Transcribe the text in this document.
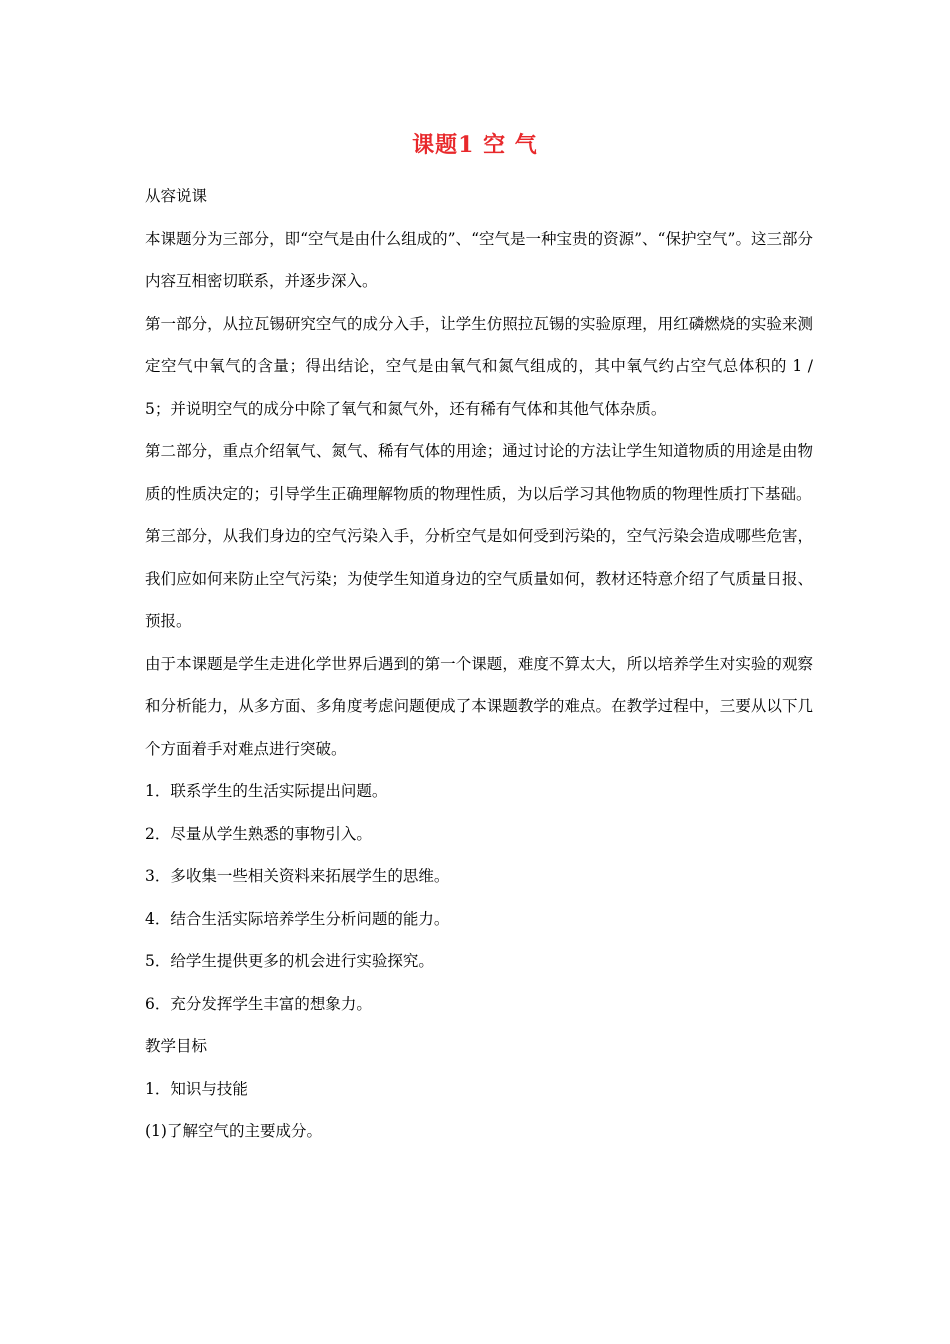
课题1 空 气

从容说课

本课题分为三部分，即“空气是由什么组成的”、“空气是一种宝贵的资源”、“保护空气”。这三部分内容互相密切联系，并逐步深入。

第一部分，从拉瓦锡研究空气的成分入手，让学生仿照拉瓦锡的实验原理，用红磷燃烧的实验来测定空气中氧气的含量；得出结论，空气是由氧气和氮气组成的，其中氧气约占空气总体积的 1 / 5；并说明空气的成分中除了氧气和氮气外，还有稀有气体和其他气体杂质。

第二部分，重点介绍氧气、氮气、稀有气体的用途；通过讨论的方法让学生知道物质的用途是由物质的性质决定的；引导学生正确理解物质的物理性质，为以后学习其他物质的物理性质打下基础。

第三部分，从我们身边的空气污染入手，分析空气是如何受到污染的，空气污染会造成哪些危害，我们应如何来防止空气污染；为使学生知道身边的空气质量如何，教材还特意介绍了气质量日报、预报。

由于本课题是学生走进化学世界后遇到的第一个课题，难度不算太大，所以培养学生对实验的观察和分析能力，从多方面、多角度考虑问题便成了本课题教学的难点。在教学过程中，三要从以下几个方面着手对难点进行突破。

1．联系学生的生活实际提出问题。

2．尽量从学生熟悉的事物引入。

3．多收集一些相关资料来拓展学生的思维。

4．结合生活实际培养学生分析问题的能力。

5．给学生提供更多的机会进行实验探究。

6．充分发挥学生丰富的想象力。

教学目标

1．知识与技能

(1)了解空气的主要成分。
